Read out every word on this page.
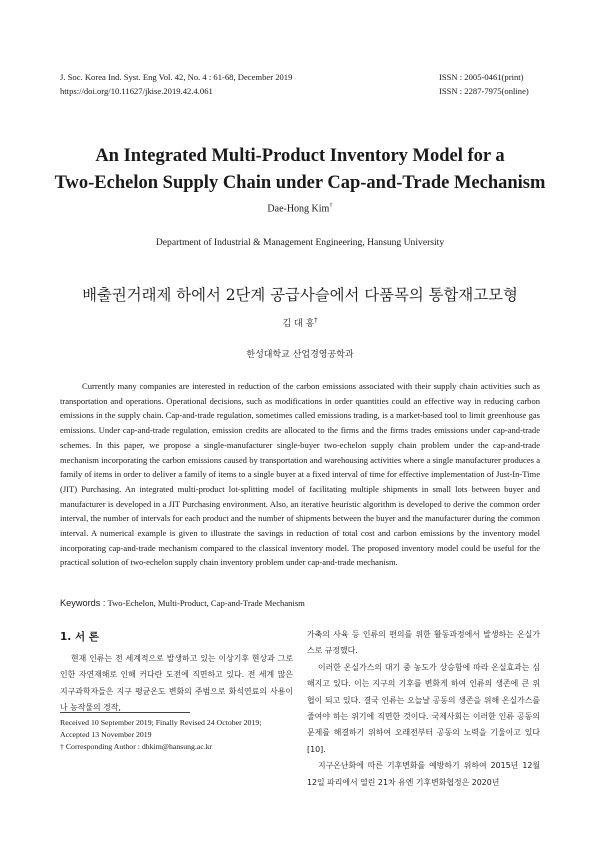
J. Soc. Korea Ind. Syst. Eng Vol. 42, No. 4 : 61-68, December 2019
https://doi.org/10.11627/jkise.2019.42.4.061
ISSN : 2005-0461(print)
ISSN : 2287-7975(online)
An Integrated Multi-Product Inventory Model for a
Two-Echelon Supply Chain under Cap-and-Trade Mechanism
Dae-Hong Kim†
Department of Industrial & Management Engineering, Hansung University
배출권거래제 하에서 2단계 공급사슬에서 다품목의 통합재고모형
김 대 홍†
한성대학교 산업경영공학과

Currently many companies are interested in reduction of the carbon emissions associated with their supply chain activities such as transportation and operations. Operational decisions, such as modifications in order quantities could an effective way in reducing carbon emissions in the supply chain. Cap-and-trade regulation, sometimes called emissions trading, is a market-based tool to limit greenhouse gas emissions. Under cap-and-trade regulation, emission credits are allocated to the firms and the firms trades emissions under cap-and-trade schemes. In this paper, we propose a single-manufacturer single-buyer two-echelon supply chain problem under the cap-and-trade mechanism incorporating the carbon emissions caused by transportation and warehousing activities where a single manufacturer produces a family of items in order to deliver a family of items to a single buyer at a fixed interval of time for effective implementation of Just-In-Time (JIT) Purchasing. An integrated multi-product lot-splitting model of facilitating multiple shipments in small lots between buyer and manufacturer is developed in a JIT Purchasing environment. Also, an iterative heuristic algorithm is developed to derive the common order interval, the number of intervals for each product and the number of shipments between the buyer and the manufacturer during the common interval. A numerical example is given to illustrate the savings in reduction of total cost and carbon emissions by the inventory model incorporating cap-and-trade mechanism compared to the classical inventory model. The proposed inventory model could be useful for the practical solution of two-echelon supply chain inventory problem under cap-and-trade mechanism.

Keywords : Two-Echelon, Multi-Product, Cap-and-Trade Mechanism
1. 서 론

현재 인류는 전 세계적으로 발생하고 있는 이상기후 현상과 그로 인한 자연재해로 인해 커다란 도전에 직면하고 있다. 전 세계 많은 지구과학자들은 지구 평균온도 변화의 주범으로 화석연료의 사용이나 농작물의 경작,

가축의 사육 등 인류의 편의를 위한 활동과정에서 발생하는 온실가스로 규정했다.

이러한 온실가스의 대기 중 농도가 상승함에 따라 온실효과는 심해지고 있다. 이는 지구의 기후를 변화게 하여 인류의 생존에 큰 위협이 되고 있다. 결국 인류는 오늘날 공동의 생존을 위해 온실가스를 줄여야 하는 위기에 직면한 것이다. 국제사회는 이러한 인류 공동의 문제를 해결하기 위하여 오래전부터 공동의 노력을 기울이고 있다[10].

지구온난화에 따른 기후변화를 예방하기 위하여 2015년 12월 12일 파리에서 열린 21차 유엔 기후변화협정은 2020년

Received 10 September 2019; Finally Revised 24 October 2019;
Accepted 13 November 2019
† Corresponding Author : dhkim@hansung.ac.kr
